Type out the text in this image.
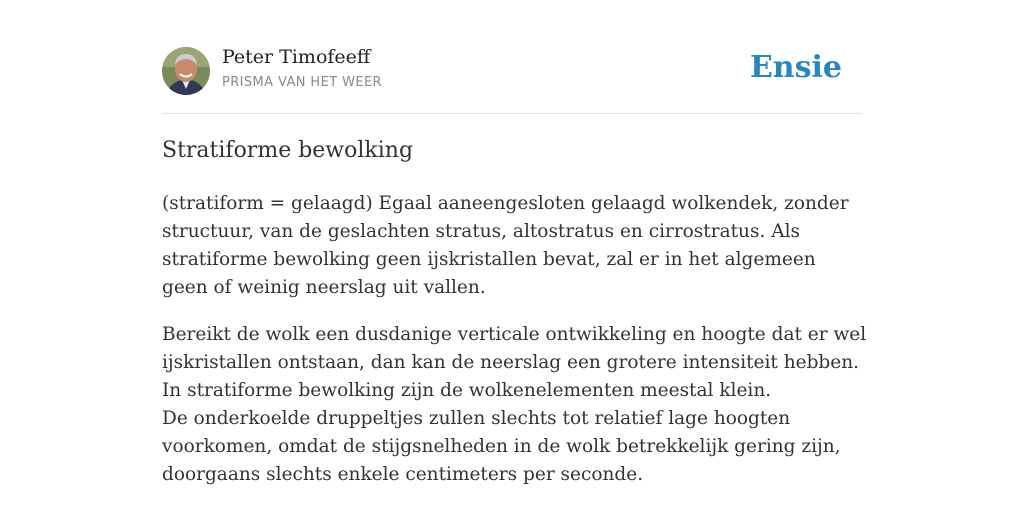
Peter Timofeeff
PRISMA VAN HET WEER	Ensie
Stratiforme bewolking

(stratiform = gelaagd) Egaal aaneengesloten gelaagd wolkendek, zonder structuur, van de geslachten stratus, altostratus en cirrostratus. Als stratiforme bewolking geen ijskristallen bevat, zal er in het algemeen geen of weinig neerslag uit vallen.

Bereikt de wolk een dusdanige verticale ontwikkeling en hoogte dat er wel ijskristallen ontstaan, dan kan de neerslag een grotere intensiteit hebben. In stratiforme bewolking zijn de wolkenelementen meestal klein.
De onderkoelde druppeltjes zullen slechts tot relatief lage hoogten voorkomen, omdat de stijgsnelheden in de wolk betrekkelijk gering zijn, doorgaans slechts enkele centimeters per seconde.
